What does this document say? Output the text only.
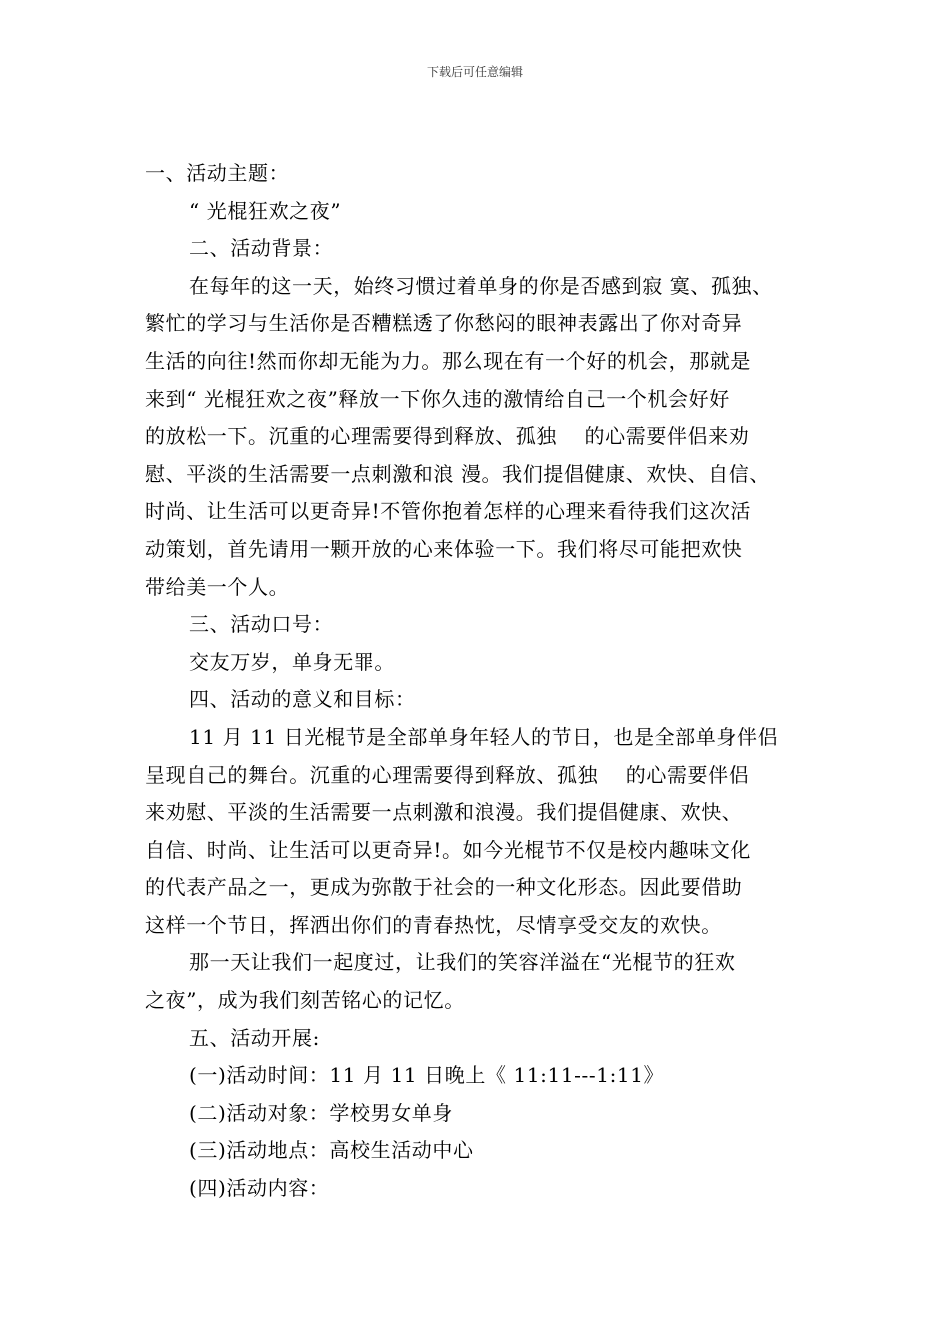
下载后可任意编辑
一、活动主题：
“ 光棍狂欢之夜”
二、活动背景：
在每年的这一天，始终习惯过着单身的你是否感到寂 寞、孤独、
繁忙的学习与生活你是否糟糕透了你愁闷的眼神表露出了你对奇异
生活的向往!然而你却无能为力。那么现在有一个好的机会，那就是
来到“ 光棍狂欢之夜”释放一下你久违的激情给自己一个机会好好
的放松一下。沉重的心理需要得到释放、孤独　 的心需要伴侣来劝
慰、平淡的生活需要一点刺激和浪 漫。我们提倡健康、欢快、自信、
时尚、让生活可以更奇异!不管你抱着怎样的心理来看待我们这次活
动策划，首先请用一颗开放的心来体验一下。我们将尽可能把欢快
带给美一个人。
三、活动口号：
交友万岁，单身无罪。
四、活动的意义和目标：
11 月 11 日光棍节是全部单身年轻人的节日，也是全部单身伴侣
呈现自己的舞台。沉重的心理需要得到释放、孤独　 的心需要伴侣
来劝慰、平淡的生活需要一点刺激和浪漫。我们提倡健康、欢快、
自信、时尚、让生活可以更奇异!。如今光棍节不仅是校内趣味文化
的代表产品之一，更成为弥散于社会的一种文化形态。因此要借助
这样一个节日，挥洒出你们的青春热忱，尽情享受交友的欢快。
那一天让我们一起度过，让我们的笑容洋溢在“光棍节的狂欢
之夜”，成为我们刻苦铭心的记忆。
五、活动开展:
(一)活动时间：11 月 11 日晚上《 11:11---1:11》
(二)活动对象：学校男女单身
(三)活动地点：高校生活动中心
(四)活动内容：
